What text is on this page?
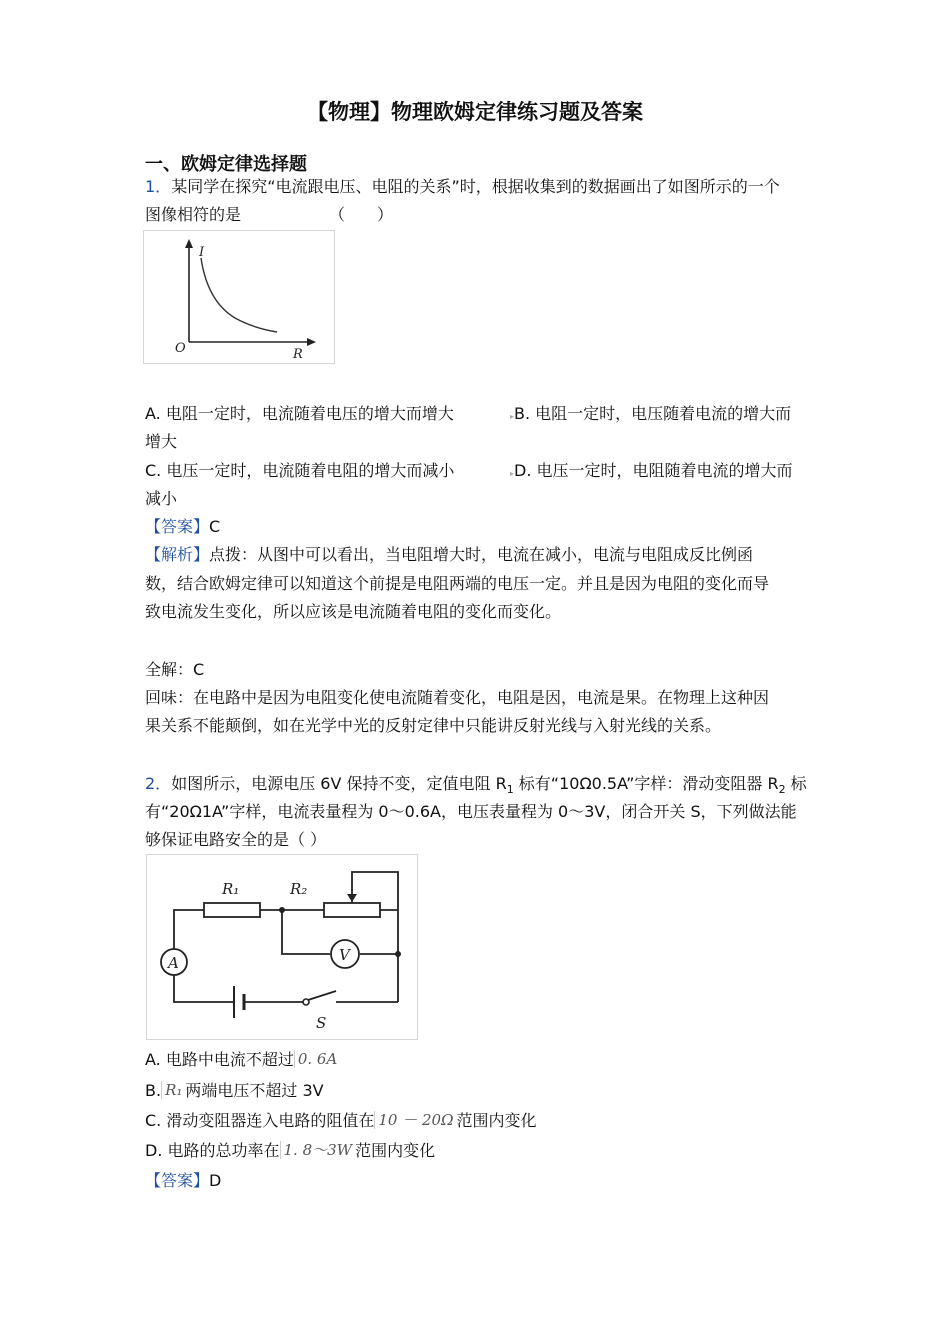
【物理】物理欧姆定律练习题及答案
一、欧姆定律选择题
1．某同学在探究“电流跟电压、电阻的关系”时，根据收集到的数据画出了如图所示的一个
图像相符的是	（　　）
I
R
O
A. 电阻一定时，电流随着电压的增大而增大	▸B. 电阻一定时，电压随着电流的增大而
增大
C. 电压一定时，电流随着电阻的增大而减小	▸D. 电压一定时，电阻随着电流的增大而
减小
【答案】C
【解析】点拨：从图中可以看出，当电阻增大时，电流在减小，电流与电阻成反比例函
数，结合欧姆定律可以知道这个前提是电阻两端的电压一定。并且是因为电阻的变化而导
致电流发生变化，所以应该是电流随着电阻的变化而变化。
全解：C
回味：在电路中是因为电阻变化使电流随着变化，电阻是因，电流是果。在物理上这种因
果关系不能颠倒，如在光学中光的反射定律中只能讲反射光线与入射光线的关系。
2．如图所示，电源电压 6V 保持不变，定值电阻 $R_1$ 标有“10Ω0.5A”字样：滑动变阻器 $R_2$ 标
有“20Ω1A”字样，电流表量程为 0～0.6A，电压表量程为 0～3V，闭合开关 S，下列做法能
够保证电路安全的是（ ）
A	V
S
R₁	R₂
A. 电路中电流不超过 0. 6A
B. R₁ 两端电压不超过 3V
C. 滑动变阻器连入电路的阻值在 10 － 20Ω 范围内变化
D. 电路的总功率在 1. 8～3W 范围内变化
【答案】D
